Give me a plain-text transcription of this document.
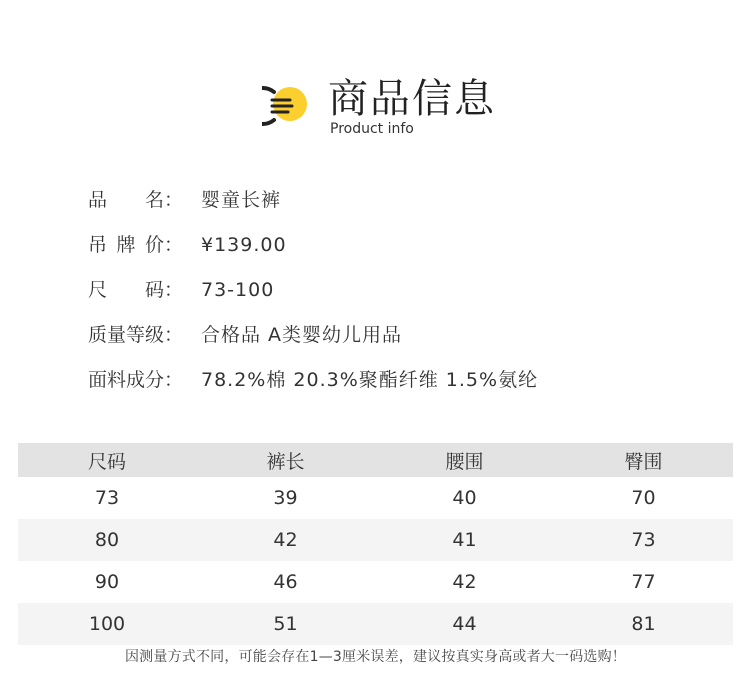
商品信息
Product info
品 名： 婴童长裤
吊 牌 价： ¥139.00
尺 码： 73-100
质量等级： 合格品 A类婴幼儿用品
面料成分： 78.2%棉 20.3%聚酯纤维 1.5%氨纶
尺码	裤长	腰围	臀围
73	39	40	70
80	42	41	73
90	46	42	77
100	51	44	81
因测量方式不同，可能会存在1—3厘米误差，建议按真实身高或者大一码选购！
